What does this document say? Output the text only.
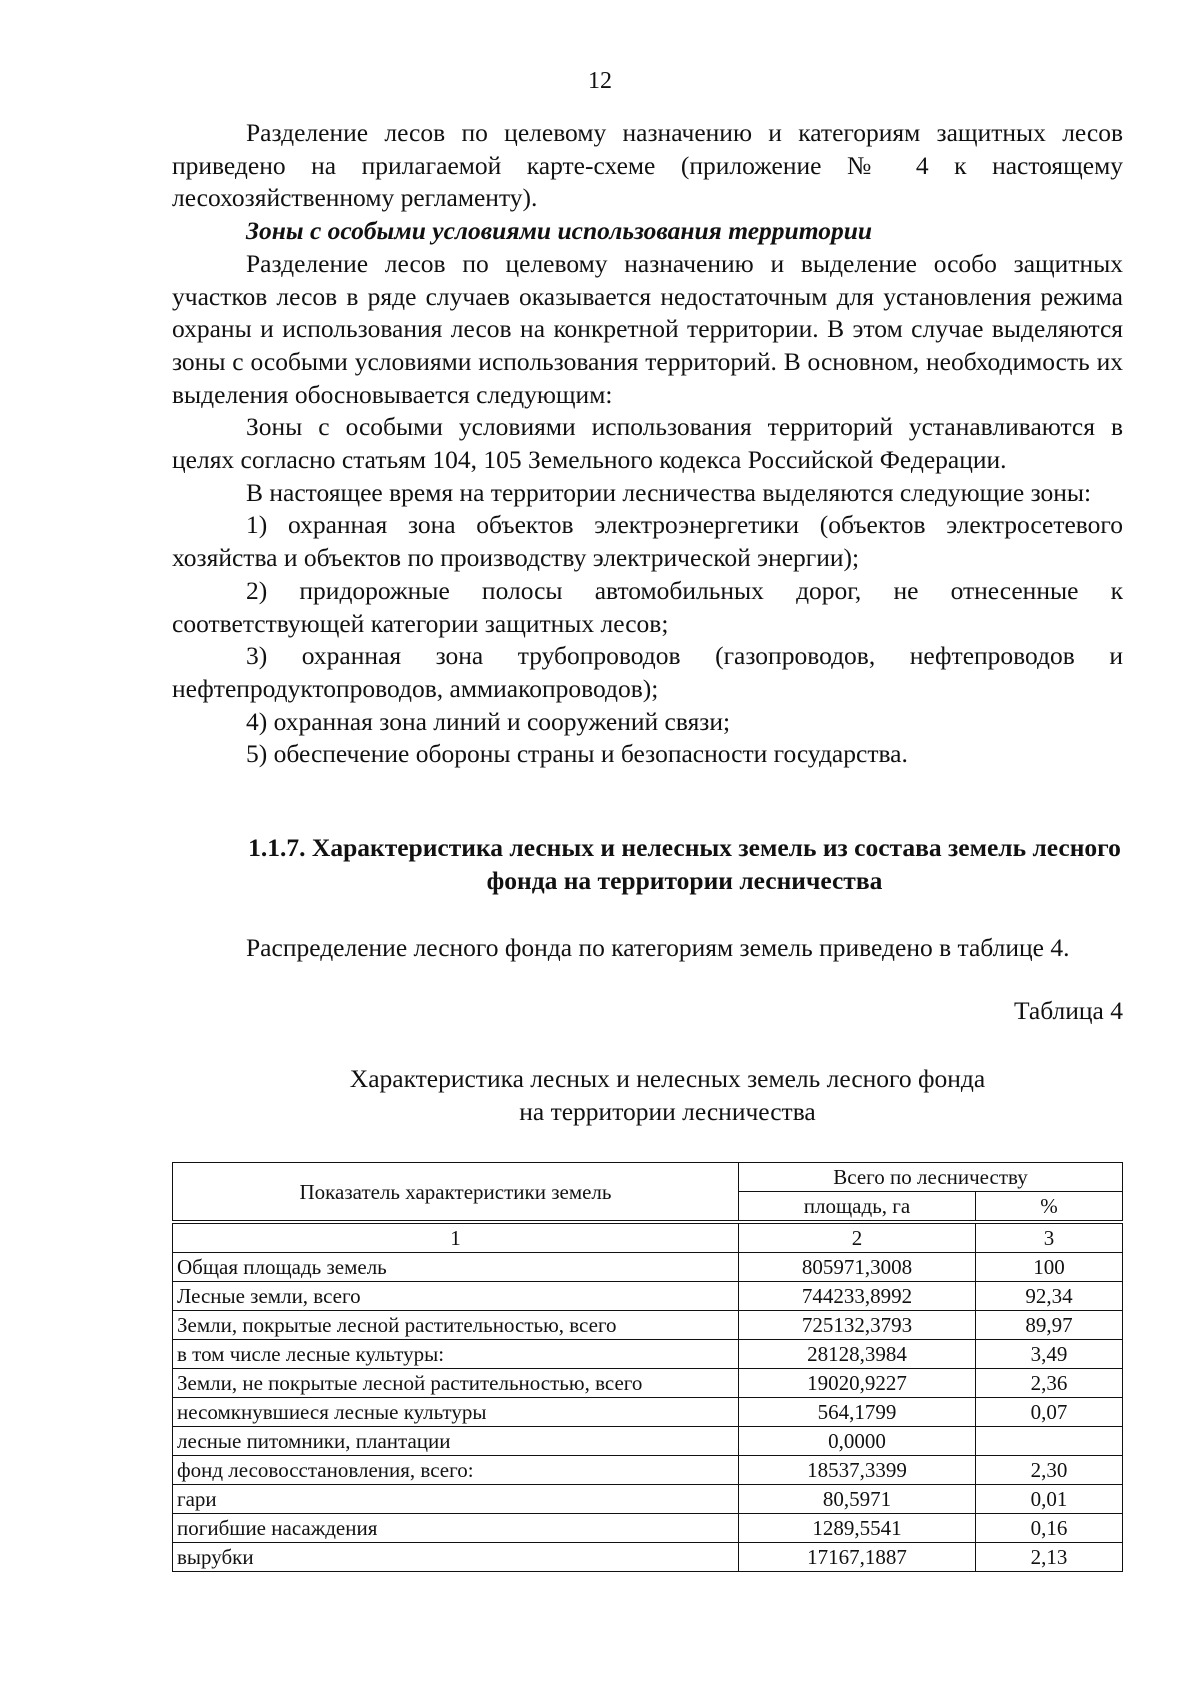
12

Разделение лесов по целевому назначению и категориям защитных лесов приведено на прилагаемой карте-схеме (приложение № 4 к настоящему лесохозяйственному регламенту).

Зоны с особыми условиями использования территории

Разделение лесов по целевому назначению и выделение особо защитных участков лесов в ряде случаев оказывается недостаточным для установления режима охраны и использования лесов на конкретной территории. В этом случае выделяются зоны с особыми условиями использования территорий. В основном, необходимость их выделения обосновывается следующим:

Зоны с особыми условиями использования территорий устанавливаются в целях согласно статьям 104, 105 Земельного кодекса Российской Федерации.

В настоящее время на территории лесничества выделяются следующие зоны:

1) охранная зона объектов электроэнергетики (объектов электросетевого хозяйства и объектов по производству электрической энергии);

2) придорожные полосы автомобильных дорог, не отнесенные к соответствующей категории защитных лесов;

3) охранная зона трубопроводов (газопроводов, нефтепроводов и нефтепродуктопроводов, аммиакопроводов);

4) охранная зона линий и сооружений связи;

5) обеспечение обороны страны и безопасности государства.

1.1.7. Характеристика лесных и нелесных земель из состава земель лесного фонда на территории лесничества

Распределение лесного фонда по категориям земель приведено в таблице 4.

Таблица 4
Характеристика лесных и нелесных земель лесного фонда
на территории лесничества
Показатель характеристики земель	Всего по лесничеству	
	площадь, га	%
1	2	3
Общая площадь земель	805971,3008	100
Лесные земли, всего	744233,8992	92,34
Земли, покрытые лесной растительностью, всего	725132,3793	89,97
в том числе лесные культуры:	28128,3984	3,49
Земли, не покрытые лесной растительностью, всего	19020,9227	2,36
несомкнувшиеся лесные культуры	564,1799	0,07
лесные питомники, плантации	0,0000	
фонд лесовосстановления, всего:	18537,3399	2,30
гари	80,5971	0,01
погибшие насаждения	1289,5541	0,16
вырубки	17167,1887	2,13
